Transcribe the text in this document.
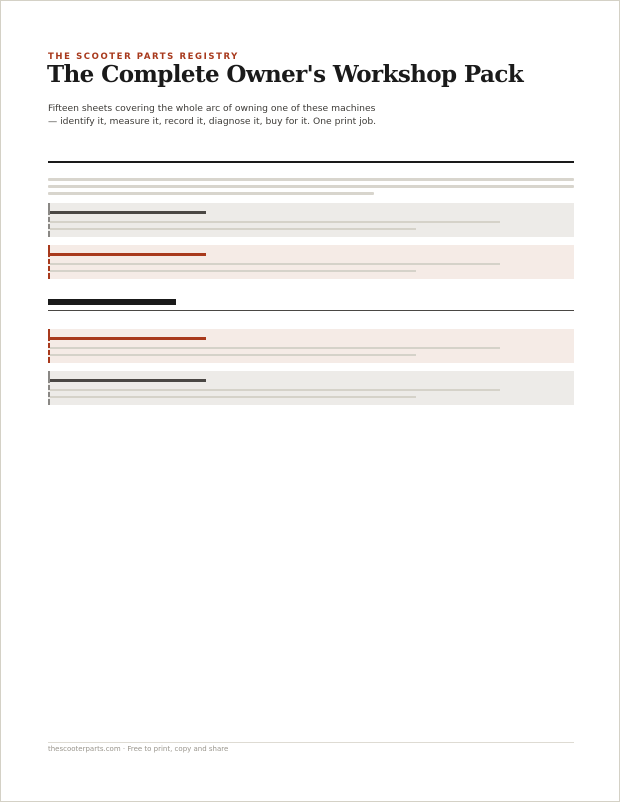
THE SCOOTER PARTS REGISTRY
The Complete Owner's Workshop Pack
Fifteen sheets covering the whole arc of owning one of these machines — identify it, measure it, record it, diagnose it, buy for it. One print job.
thescooterparts.com · Free to print, copy and share
